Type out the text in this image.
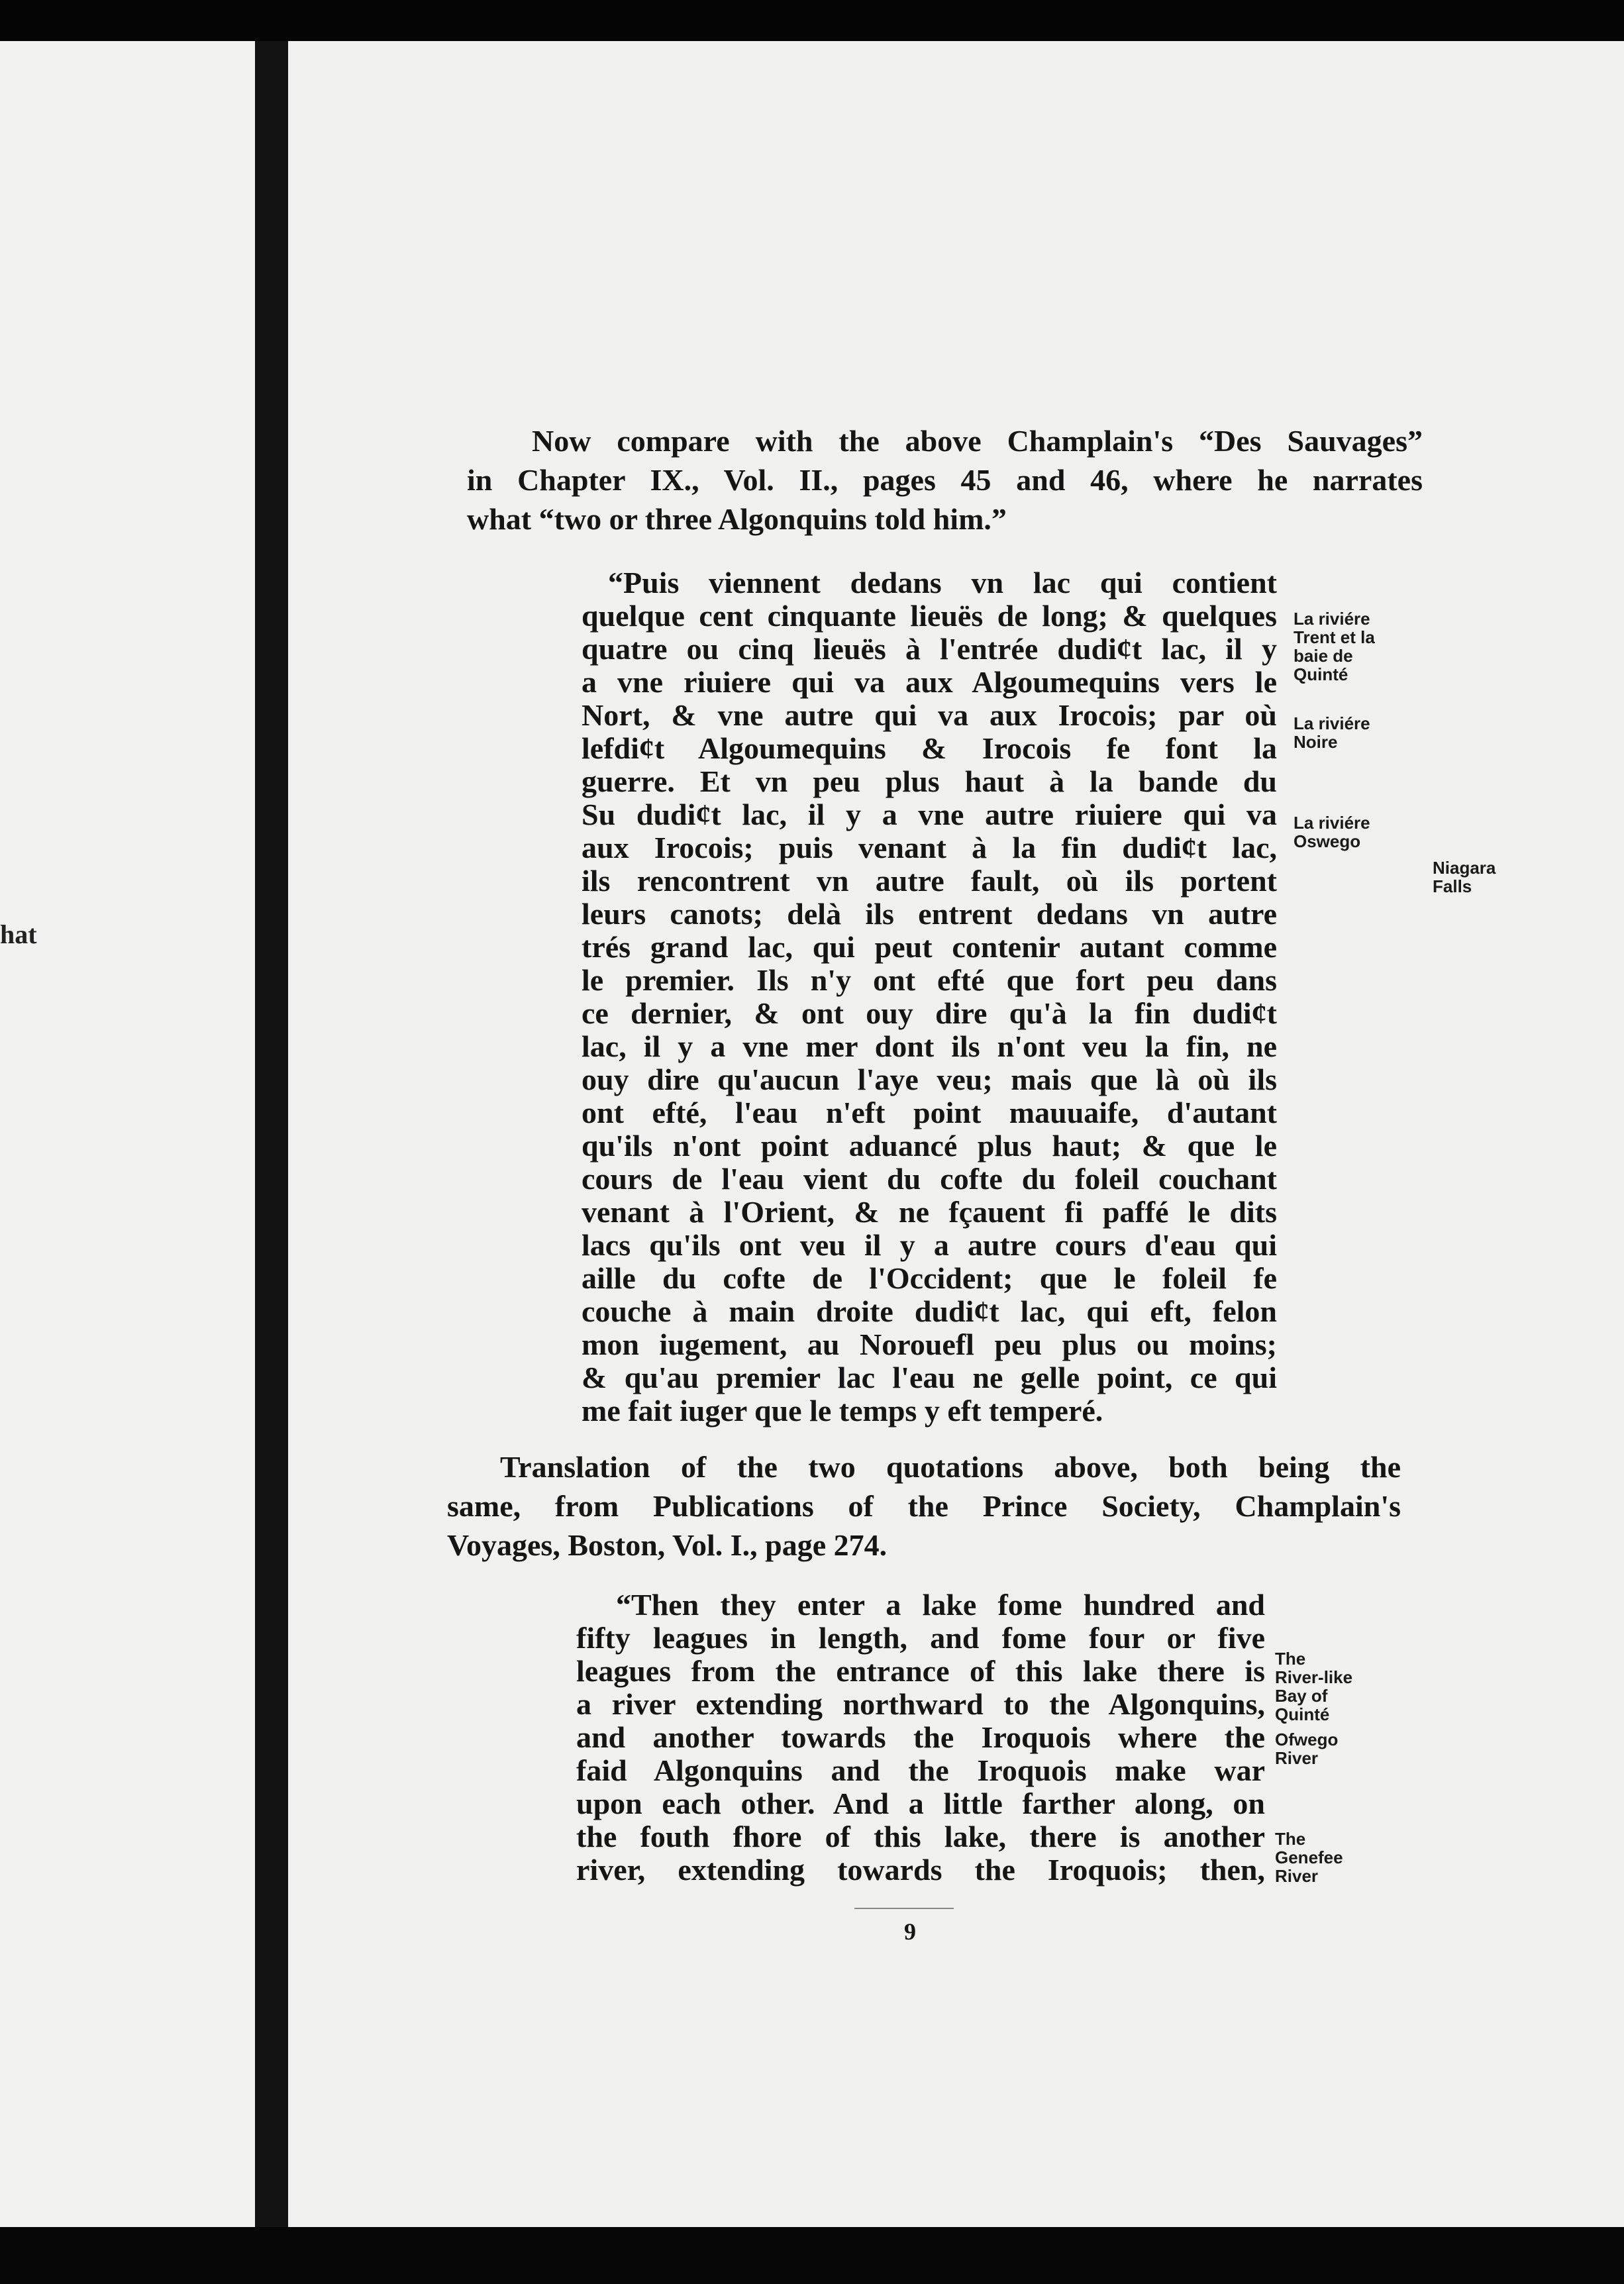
hat
Now compare with the above Champlain's “Des Sauvages”
in Chapter IX., Vol. II., pages 45 and 46, where he narrates
what “two or three Algonquins told him.”
“Puis viennent dedans vn lac qui contient
quelque cent cinquante lieuës de long; & quelques
quatre ou cinq lieuës à l'entrée dudi¢t lac, il y
a vne riuiere qui va aux Algoumequins vers le
Nort, & vne autre qui va aux Irocois; par où
lefdi¢t Algoumequins & Irocois fe font la
guerre. Et vn peu plus haut à la bande du
Su dudi¢t lac, il y a vne autre riuiere qui va
aux Irocois; puis venant à la fin dudi¢t lac,
ils rencontrent vn autre fault, où ils portent
leurs canots; delà ils entrent dedans vn autre
trés grand lac, qui peut contenir autant comme
le premier. Ils n'y ont efté que fort peu dans
ce dernier, & ont ouy dire qu'à la fin dudi¢t
lac, il y a vne mer dont ils n'ont veu la fin, ne
ouy dire qu'aucun l'aye veu; mais que là où ils
ont efté, l'eau n'eft point mauuaife, d'autant
qu'ils n'ont point aduancé plus haut; & que le
cours de l'eau vient du cofte du foleil couchant
venant à l'Orient, & ne fçauent fi paffé le dits
lacs qu'ils ont veu il y a autre cours d'eau qui
aille du cofte de l'Occident; que le foleil fe
couche à main droite dudi¢t lac, qui eft, felon
mon iugement, au Norouefl peu plus ou moins;
& qu'au premier lac l'eau ne gelle point, ce qui
me fait iuger que le temps y eft temperé.
La riviére
Trent et la
baie de
Quinté
La riviére
Noire
La riviére
Oswego
Niagara
Falls
Translation of the two quotations above, both being the
same, from Publications of the Prince Society, Champlain's
Voyages, Boston, Vol. I., page 274.
“Then they enter a lake fome hundred and
fifty leagues in length, and fome four or five
leagues from the entrance of this lake there is
a river extending northward to the Algonquins,
and another towards the Iroquois where the
faid Algonquins and the Iroquois make war
upon each other. And a little farther along, on
the fouth fhore of this lake, there is another
river, extending towards the Iroquois; then,
The
River-like
Bay of
Quinté
Ofwego
River
The
Genefee
River
9
